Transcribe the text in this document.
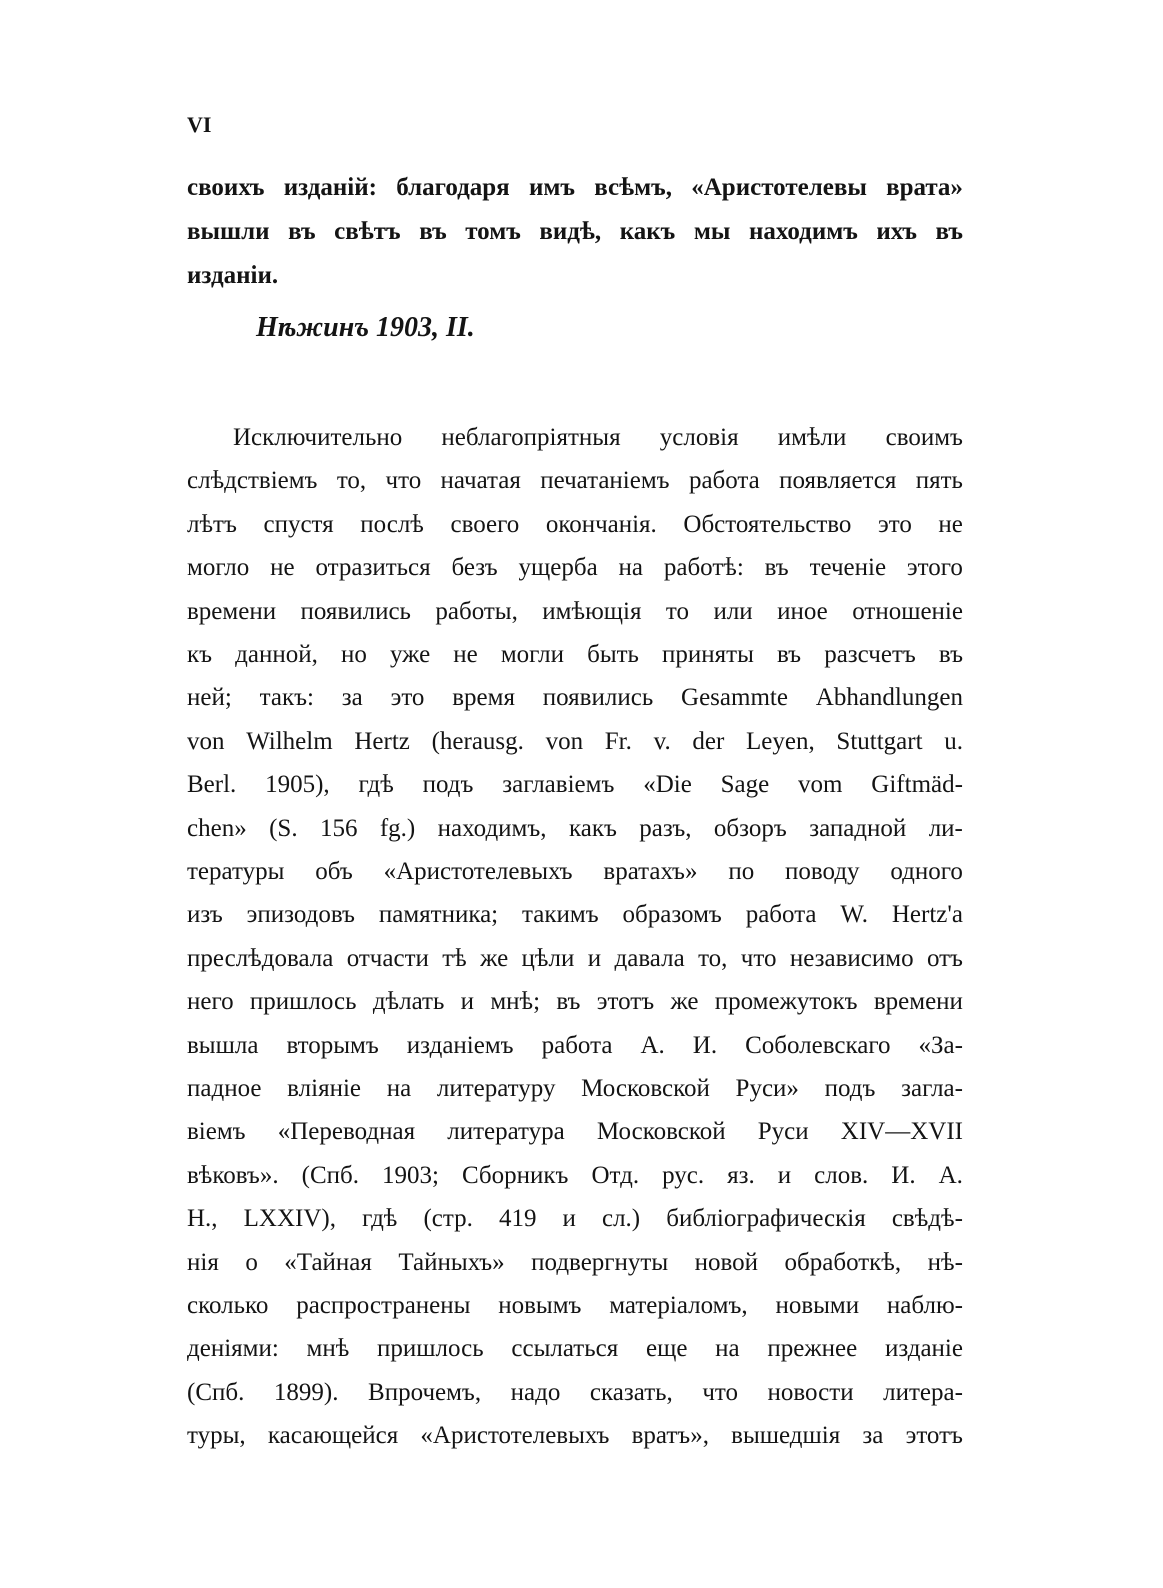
VI
своихъ изданій: благодаря имъ всѣмъ, «Аристотелевы врата»
вышли въ свѣтъ въ томъ видѣ, какъ мы находимъ ихъ въ
изданіи.
Нѣжинъ 1903, II.
Исключительно неблагопріятныя условія имѣли своимъ
слѣдствіемъ то, что начатая печатаніемъ работа появляется пять
лѣтъ спустя послѣ своего окончанія. Обстоятельство это не
могло не отразиться безъ ущерба на работѣ: въ теченіе этого
времени появились работы, имѣющія то или иное отношеніе
къ данной, но уже не могли быть приняты въ разсчетъ въ
ней; такъ: за это время появились Gesammte Abhandlungen
von Wilhelm Hertz (herausg. von Fr. v. der Leyen, Stuttgart u.
Berl. 1905), гдѣ подъ заглавіемъ «Die Sage vom Giftmäd-
chen» (S. 156 fg.) находимъ, какъ разъ, обзоръ западной ли-
тературы объ «Аристотелевыхъ вратахъ» по поводу одного
изъ эпизодовъ памятника; такимъ образомъ работа W. Hertz'а
преслѣдовала отчасти тѣ же цѣли и давала то, что независимо отъ
него пришлось дѣлать и мнѣ; въ этотъ же промежутокъ времени
вышла вторымъ изданіемъ работа А. И. Соболевскаго «За-
падное вліяніе на литературу Московской Руси» подъ загла-
віемъ «Переводная литература Московской Руси XIV—XVII
вѣковъ». (Спб. 1903; Сборникъ Отд. рус. яз. и слов. И. А.
Н., LXXIV), гдѣ (стр. 419 и сл.) библіографическія свѣдѣ-
нія о «Тайная Тайныхъ» подвергнуты новой обработкѣ, нѣ-
сколько распространены новымъ матеріаломъ, новыми наблю-
деніями: мнѣ пришлось ссылаться еще на прежнее изданіе
(Спб. 1899). Впрочемъ, надо сказать, что новости литера-
туры, касающейся «Аристотелевыхъ вратъ», вышедшія за этотъ
